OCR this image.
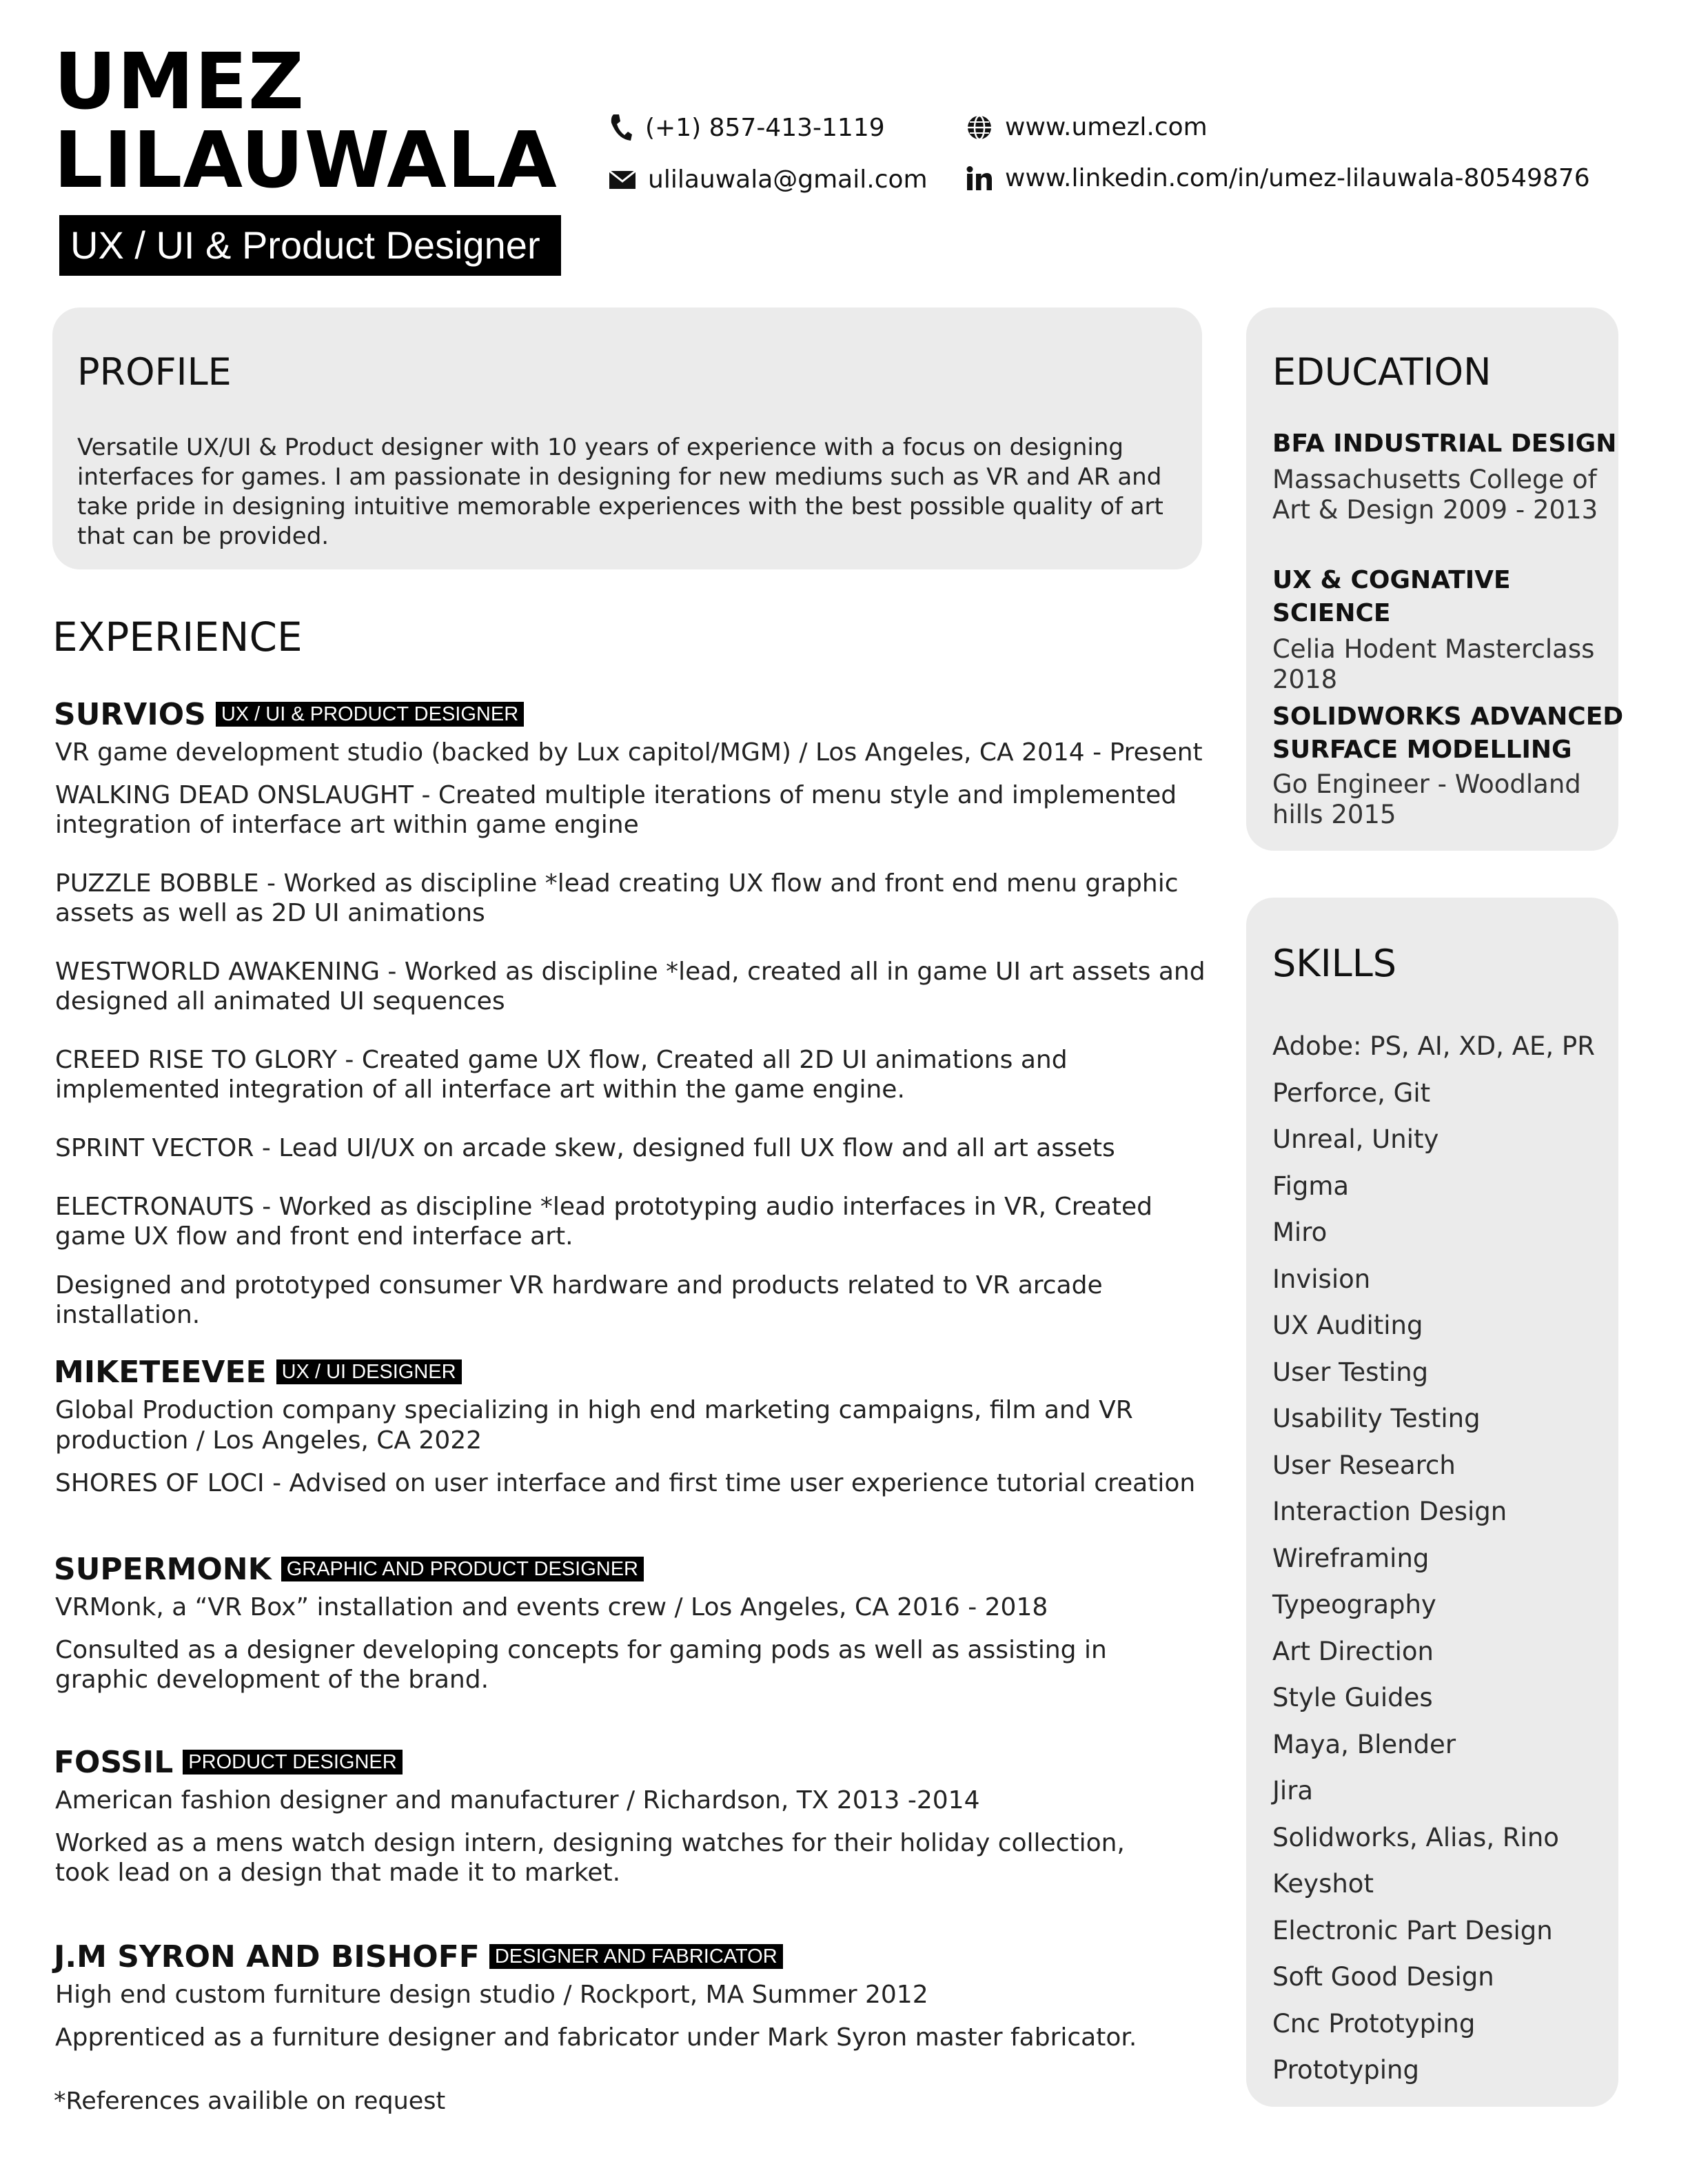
UMEZ
LILAUWALA
UX / UI & Product Designer
(+1) 857-413-1119
ulilauwala@gmail.com
www.umezl.com
www.linkedin.com/in/umez-lilauwala-80549876
PROFILE

Versatile UX/UI & Product designer with 10 years of experience with a focus on designing interfaces for games. I am passionate in designing for new mediums such as VR and AR and take pride in designing intuitive memorable experiences with the best possible quality of art that can be provided.

EXPERIENCE
SURVIOS UX / UI & PRODUCT DESIGNER
VR game development studio (backed by Lux capitol/MGM) / Los Angeles, CA 2014 - Present

WALKING DEAD ONSLAUGHT - Created multiple iterations of menu style and implemented integration of interface art within game engine

PUZZLE BOBBLE - Worked as discipline *lead creating UX flow and front end menu graphic assets as well as 2D UI animations

WESTWORLD AWAKENING - Worked as discipline *lead, created all in game UI art assets and designed all animated UI sequences

CREED RISE TO GLORY - Created game UX flow, Created all 2D UI animations and implemented integration of all interface art within the game engine.

SPRINT VECTOR - Lead UI/UX on arcade skew, designed full UX flow and all art assets

ELECTRONAUTS - Worked as discipline *lead prototyping audio interfaces in VR, Created game UX flow and front end interface art.

Designed and prototyped consumer VR hardware and products related to VR arcade installation.

MIKETEEVEE UX / UI DESIGNER
Global Production company specializing in high end marketing campaigns, film and VR production / Los Angeles, CA 2022

SHORES OF LOCI - Advised on user interface and first time user experience tutorial creation

SUPERMONK GRAPHIC AND PRODUCT DESIGNER
VRMonk, a “VR Box” installation and events crew / Los Angeles, CA 2016 - 2018

Consulted as a designer developing concepts for gaming pods as well as assisting in graphic development of the brand.

FOSSIL PRODUCT DESIGNER
American fashion designer and manufacturer / Richardson, TX 2013 -2014

Worked as a mens watch design intern, designing watches for their holiday collection, took lead on a design that made it to market.

J.M SYRON AND BISHOFF DESIGNER AND FABRICATOR
High end custom furniture design studio / Rockport, MA Summer 2012

Apprenticed as a furniture designer and fabricator under Mark Syron master fabricator.

*References availible on request
EDUCATION
BFA INDUSTRIAL DESIGN
Massachusetts College of Art & Design 2009 - 2013
UX & COGNATIVE SCIENCE
Celia Hodent Masterclass 2018
SOLIDWORKS ADVANCED SURFACE MODELLING
Go Engineer - Woodland hills 2015
SKILLS
Adobe: PS, AI, XD, AE, PR
Perforce, Git
Unreal, Unity
Figma
Miro
Invision
UX Auditing
User Testing
Usability Testing
User Research
Interaction Design
Wireframing
Typeography
Art Direction
Style Guides
Maya, Blender
Jira
Solidworks, Alias, Rino
Keyshot
Electronic Part Design
Soft Good Design
Cnc Prototyping
Prototyping
